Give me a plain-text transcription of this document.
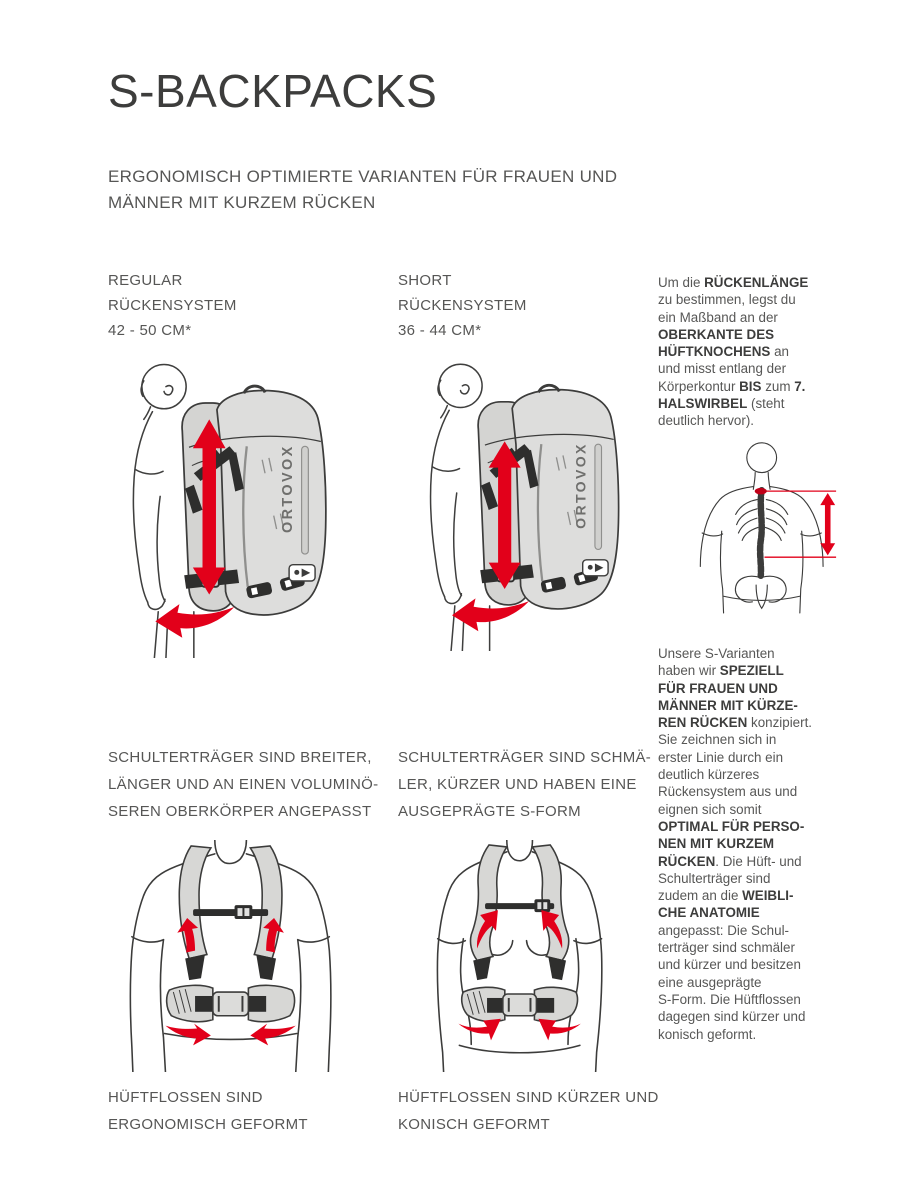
S-BACKPACKS
ERGONOMISCH OPTIMIERTE VARIANTEN FÜR FRAUEN UND
MÄNNER MIT KURZEM RÜCKEN
REGULAR
RÜCKENSYSTEM
42 - 50 CM*
SHORT
RÜCKENSYSTEM
36 - 44 CM*
Um die RÜCKENLÄNGE
zu bestimmen, legst du
ein Maßband an der
OBERKANTE DES
HÜFTKNOCHENS an
und misst entlang der
Körperkontur BIS zum 7.
HALSWIRBEL (steht
deutlich hervor).
Unsere S-Varianten
haben wir SPEZIELL
FÜR FRAUEN UND
MÄNNER MIT KÜRZE-
REN RÜCKEN konzipiert.
Sie zeichnen sich in
erster Linie durch ein
deutlich kürzeres
Rückensystem aus und
eignen sich somit
OPTIMAL FÜR PERSO-
NEN MIT KURZEM
RÜCKEN. Die Hüft- und
Schulterträger sind
zudem an die WEIBLI-
CHE ANATOMIE
angepasst: Die Schul-
terträger sind schmäler
und kürzer und besitzen
eine ausgeprägte
S-Form. Die Hüftflossen
dagegen sind kürzer und
konisch geformt.
SCHULTERTRÄGER SIND BREITER,
LÄNGER UND AN EINEN VOLUMINÖ-
SEREN OBERKÖRPER ANGEPASST
SCHULTERTRÄGER SIND SCHMÄ-
LER, KÜRZER UND HABEN EINE
AUSGEPRÄGTE S-FORM
HÜFTFLOSSEN SIND
ERGONOMISCH GEFORMT
HÜFTFLOSSEN SIND KÜRZER UND
KONISCH GEFORMT
